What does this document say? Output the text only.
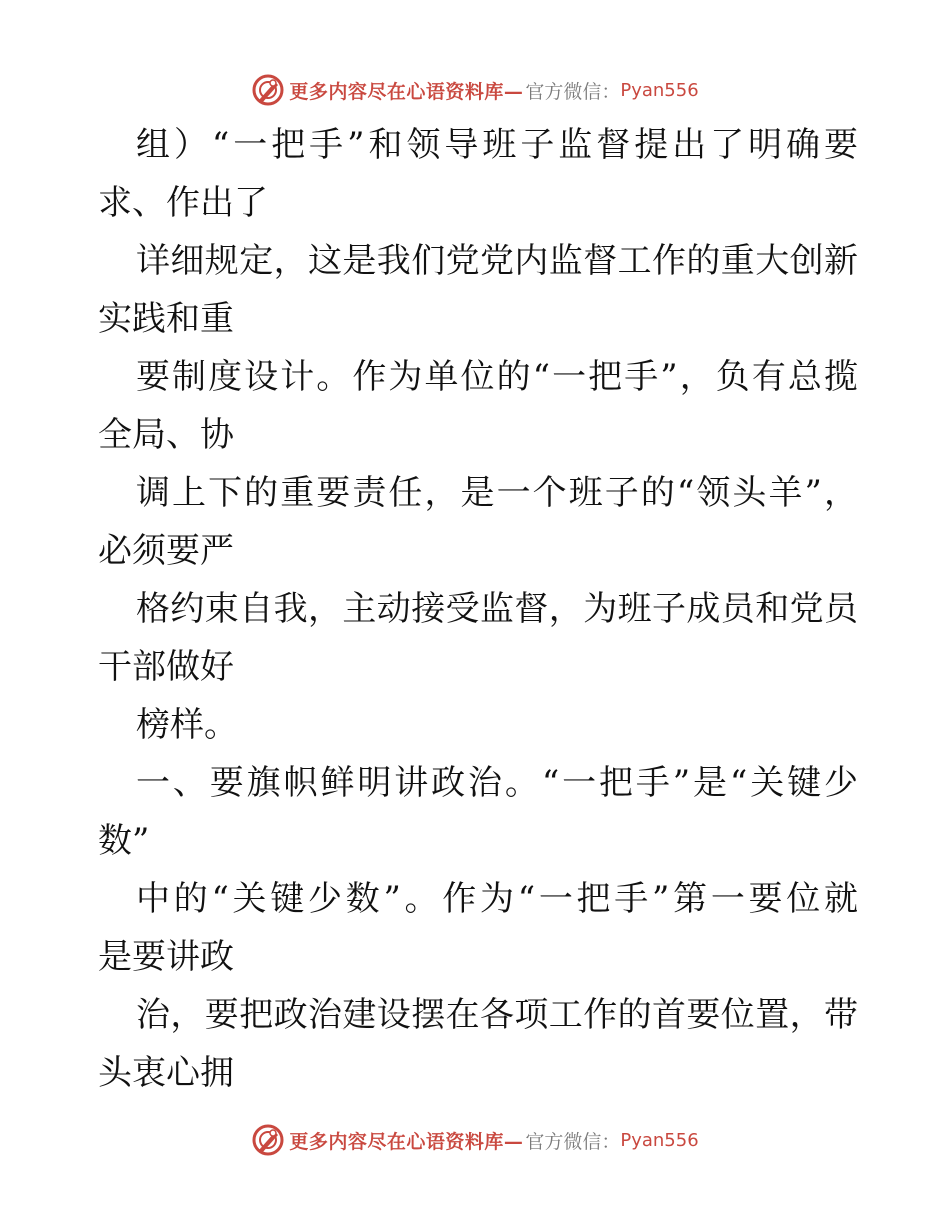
更多内容尽在心语资料库— 官方微信： Pyan556
组）“一把手”和领导班子监督提出了明确要
求、作出了
详细规定，这是我们党党内监督工作的重大创新
实践和重
要制度设计。作为单位的“一把手”，负有总揽
全局、协
调上下的重要责任，是一个班子的“领头羊”，
必须要严
格约束自我，主动接受监督，为班子成员和党员
干部做好
榜样。
一、要旗帜鲜明讲政治。“一把手”是“关键少
数”
中的“关键少数”。作为“一把手”第一要位就
是要讲政
治，要把政治建设摆在各项工作的首要位置，带
头衷心拥
更多内容尽在心语资料库— 官方微信： Pyan556
